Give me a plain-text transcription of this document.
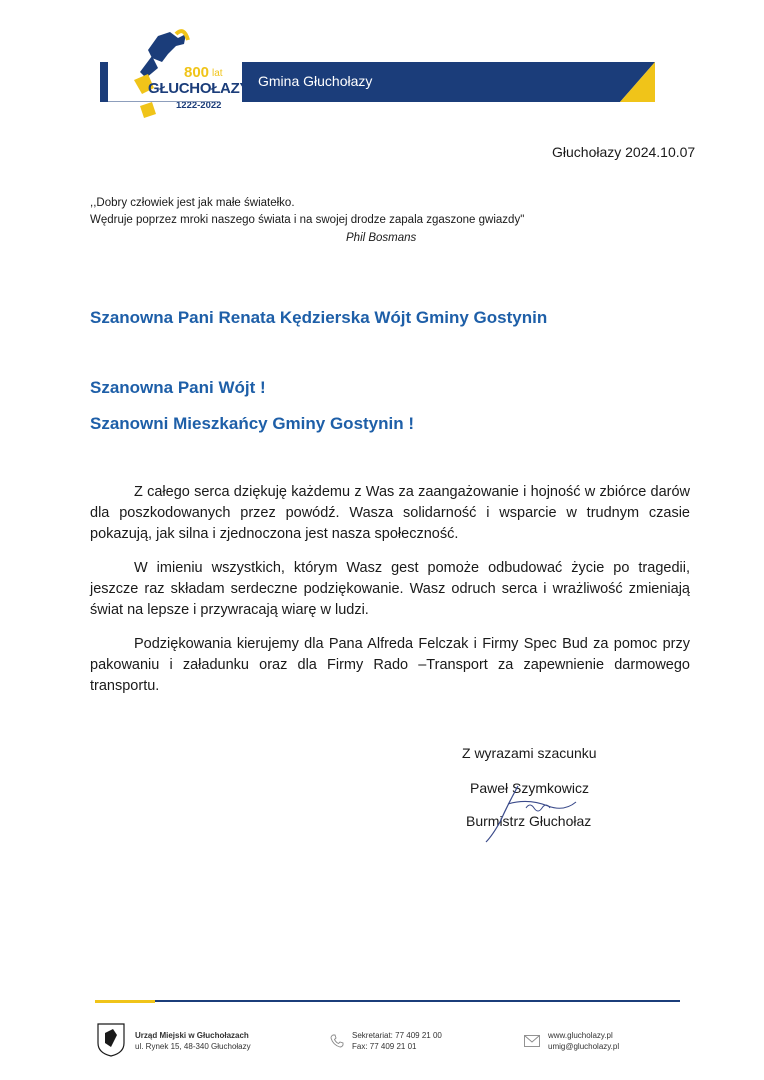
800 lat
GŁUCHOŁAZY
1222-2022
Gmina Głuchołazy
Głuchołazy 2024.10.07
,,Dobry człowiek jest jak małe światełko.
Wędruje poprzez mroki naszego świata i na swojej drodze zapala zgaszone gwiazdy"
Phil Bosmans
Szanowna Pani Renata Kędzierska Wójt Gminy Gostynin
Szanowna Pani Wójt !
Szanowni Mieszkańcy Gminy Gostynin !
Z całego serca dziękuję każdemu z Was za zaangażowanie i hojność w zbiórce darów dla poszkodowanych przez powódź. Wasza solidarność i wsparcie w trudnym czasie pokazują, jak silna i zjednoczona jest nasza społeczność.
W imieniu wszystkich, którym Wasz gest pomoże odbudować życie po tragedii, jeszcze raz składam serdeczne podziękowanie. Wasz odruch serca i wrażliwość zmieniają świat na lepsze i przywracają wiarę w ludzi.
Podziękowania kierujemy dla Pana Alfreda Felczak i Firmy Spec Bud za pomoc przy pakowaniu i załadunku oraz dla Firmy Rado –Transport za zapewnienie darmowego transportu.
Z wyrazami szacunku
Paweł Szymkowicz
Burmistrz Głuchołaz
Urząd Miejski w Głuchołazach
ul. Rynek 15, 48-340 Głuchołazy
Sekretariat: 77 409 21 00
Fax: 77 409 21 01
www.glucholazy.pl
umig@glucholazy.pl
